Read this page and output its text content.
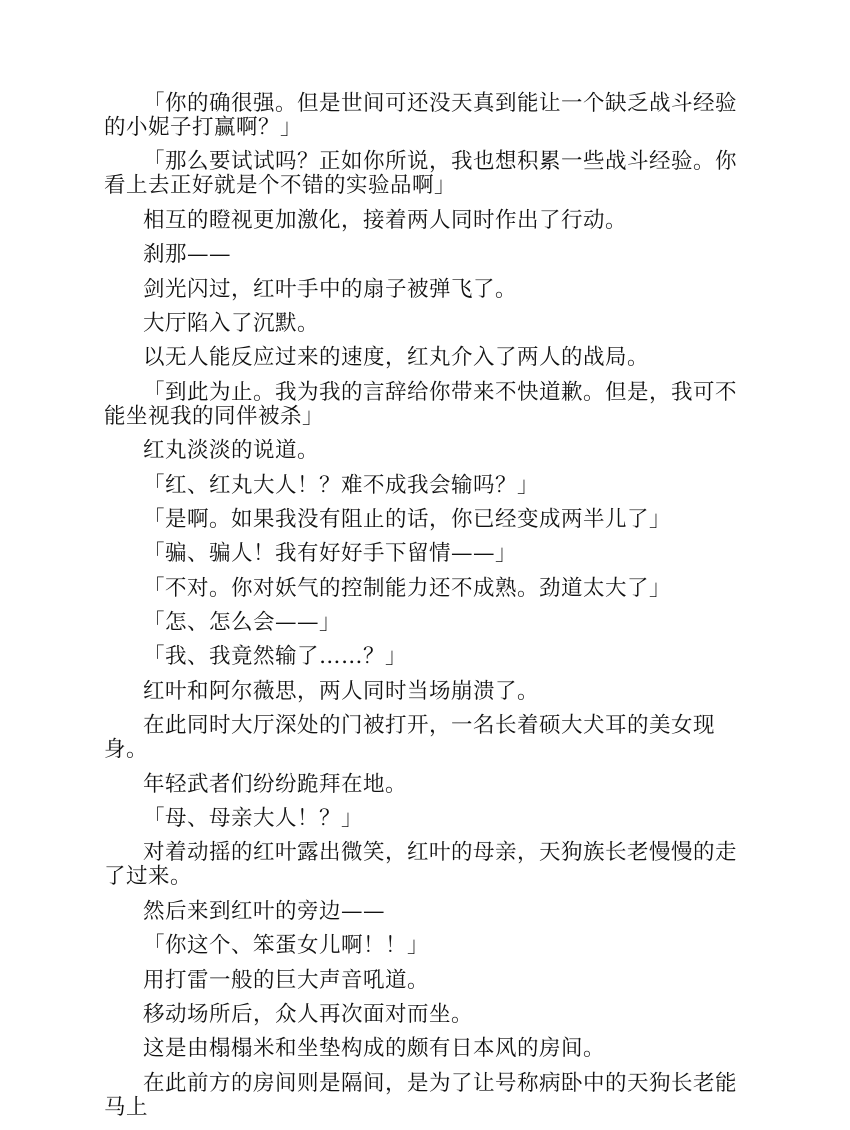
「你的确很强。但是世间可还没天真到能让一个缺乏战斗经验的小妮子打赢啊？」

「那么要试试吗？正如你所说，我也想积累一些战斗经验。你看上去正好就是个不错的实验品啊」

相互的瞪视更加激化，接着两人同时作出了行动。

刹那——

剑光闪过，红叶手中的扇子被弹飞了。

大厅陷入了沉默。

以无人能反应过来的速度，红丸介入了两人的战局。

「到此为止。我为我的言辞给你带来不快道歉。但是，我可不能坐视我的同伴被杀」

红丸淡淡的说道。

「红、红丸大人！？难不成我会输吗？」

「是啊。如果我没有阻止的话，你已经变成两半儿了」

「骗、骗人！我有好好手下留情——」

「不对。你对妖气的控制能力还不成熟。劲道太大了」

「怎、怎么会——」

「我、我竟然输了……？」

红叶和阿尔薇思，两人同时当场崩溃了。

在此同时大厅深处的门被打开，一名长着硕大犬耳的美女现身。

年轻武者们纷纷跪拜在地。

「母、母亲大人！？」

对着动摇的红叶露出微笑，红叶的母亲，天狗族长老慢慢的走了过来。

然后来到红叶的旁边——

「你这个、笨蛋女儿啊！！」

用打雷一般的巨大声音吼道。

移动场所后，众人再次面对而坐。

这是由榻榻米和坐垫构成的颇有日本风的房间。

在此前方的房间则是隔间，是为了让号称病卧中的天狗长老能马上
